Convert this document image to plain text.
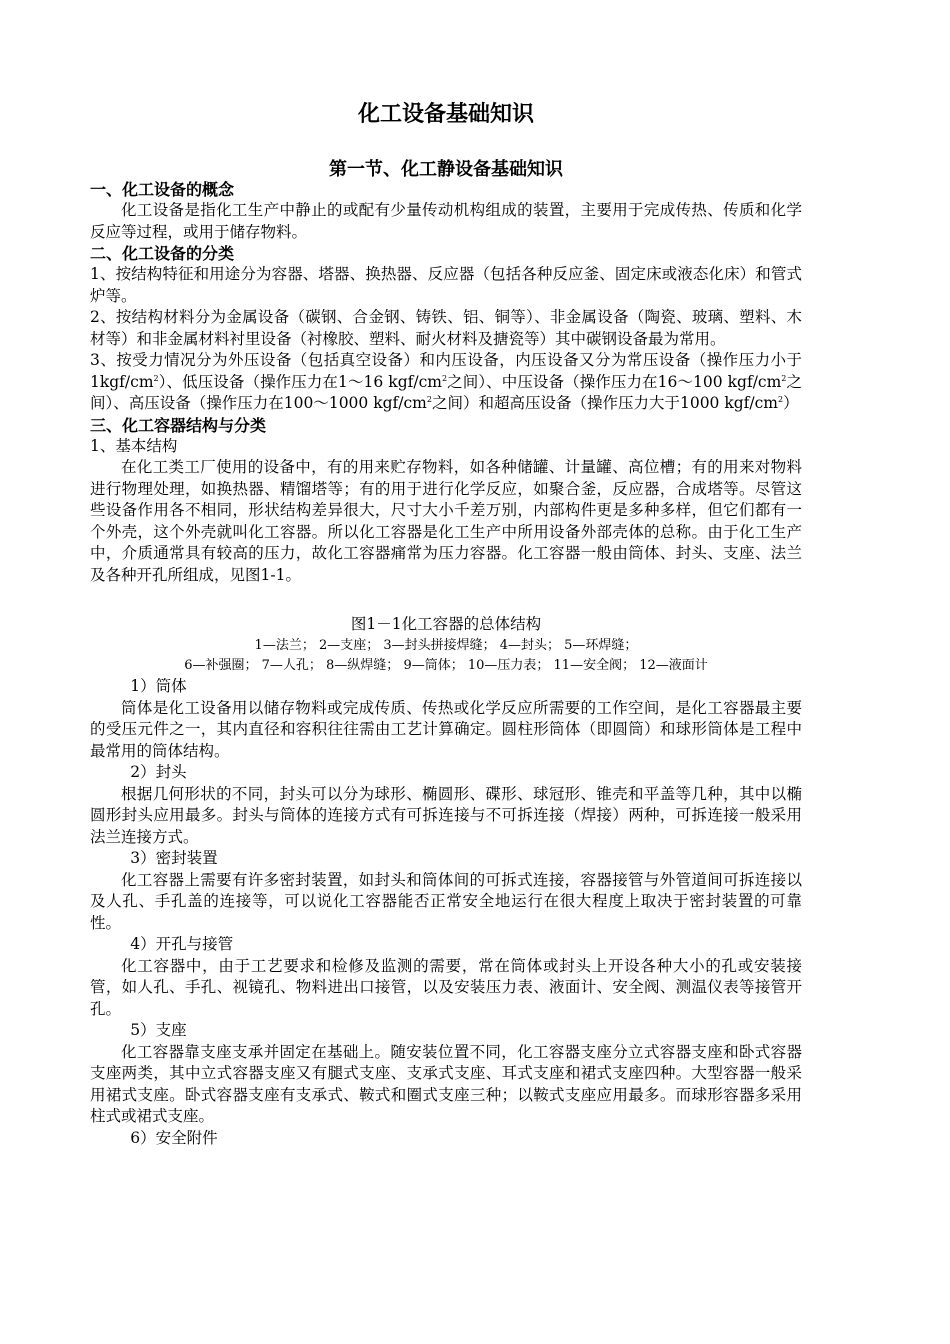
化工设备基础知识
第一节、化工静设备基础知识
一、化工设备的概念

化工设备是指化工生产中静止的或配有少量传动机构组成的装置，主要用于完成传热、传质和化学反应等过程，或用于储存物料。

二、化工设备的分类

1、按结构特征和用途分为容器、塔器、换热器、反应器（包括各种反应釜、固定床或液态化床）和管式炉等。

2、按结构材料分为金属设备（碳钢、合金钢、铸铁、铝、铜等）、非金属设备（陶瓷、玻璃、塑料、木材等）和非金属材料衬里设备（衬橡胶、塑料、耐火材料及搪瓷等）其中碳钢设备最为常用。

3、按受力情况分为外压设备（包括真空设备）和内压设备，内压设备又分为常压设备（操作压力小于$1kgf/cm^2$）、低压设备（操作压力在1～16 kgf/$cm^2$之间）、中压设备（操作压力在16～100 kgf/$cm^2$之间）、高压设备（操作压力在100～1000 kgf/$cm^2$之间）和超高压设备（操作压力大于1000 kgf/$cm^2$）

三、化工容器结构与分类

1、基本结构

在化工类工厂使用的设备中，有的用来贮存物料，如各种储罐、计量罐、高位槽；有的用来对物料进行物理处理，如换热器、精馏塔等；有的用于进行化学反应，如聚合釜，反应器，合成塔等。尽管这些设备作用各不相同，形状结构差异很大，尺寸大小千差万别，内部构件更是多种多样，但它们都有一个外壳，这个外壳就叫化工容器。所以化工容器是化工生产中所用设备外部壳体的总称。由于化工生产中，介质通常具有较高的压力，故化工容器痛常为压力容器。化工容器一般由筒体、封头、支座、法兰及各种开孔所组成，见图1-1。

图1－1化工容器的总体结构
1—法兰； 2—支座； 3—封头拼接焊缝； 4—封头； 5—环焊缝；
6—补强圈； 7—人孔； 8—纵焊缝； 9—筒体； 10—压力表； 11—安全阀； 12—液面计

1）筒体

筒体是化工设备用以储存物料或完成传质、传热或化学反应所需要的工作空间，是化工容器最主要的受压元件之一，其内直径和容积往往需由工艺计算确定。圆柱形筒体（即圆筒）和球形筒体是工程中最常用的筒体结构。

2）封头

根据几何形状的不同，封头可以分为球形、椭圆形、碟形、球冠形、锥壳和平盖等几种，其中以椭圆形封头应用最多。封头与筒体的连接方式有可拆连接与不可拆连接（焊接）两种，可拆连接一般采用法兰连接方式。

3）密封装置

化工容器上需要有许多密封装置，如封头和筒体间的可拆式连接，容器接管与外管道间可拆连接以及人孔、手孔盖的连接等，可以说化工容器能否正常安全地运行在很大程度上取决于密封装置的可靠性。

4）开孔与接管

化工容器中，由于工艺要求和检修及监测的需要，常在筒体或封头上开设各种大小的孔或安装接管，如人孔、手孔、视镜孔、物料进出口接管，以及安装压力表、液面计、安全阀、测温仪表等接管开孔。

5）支座

化工容器靠支座支承并固定在基础上。随安装位置不同，化工容器支座分立式容器支座和卧式容器支座两类，其中立式容器支座又有腿式支座、支承式支座、耳式支座和裙式支座四种。大型容器一般采用裙式支座。卧式容器支座有支承式、鞍式和圈式支座三种；以鞍式支座应用最多。而球形容器多采用柱式或裙式支座。

6）安全附件
